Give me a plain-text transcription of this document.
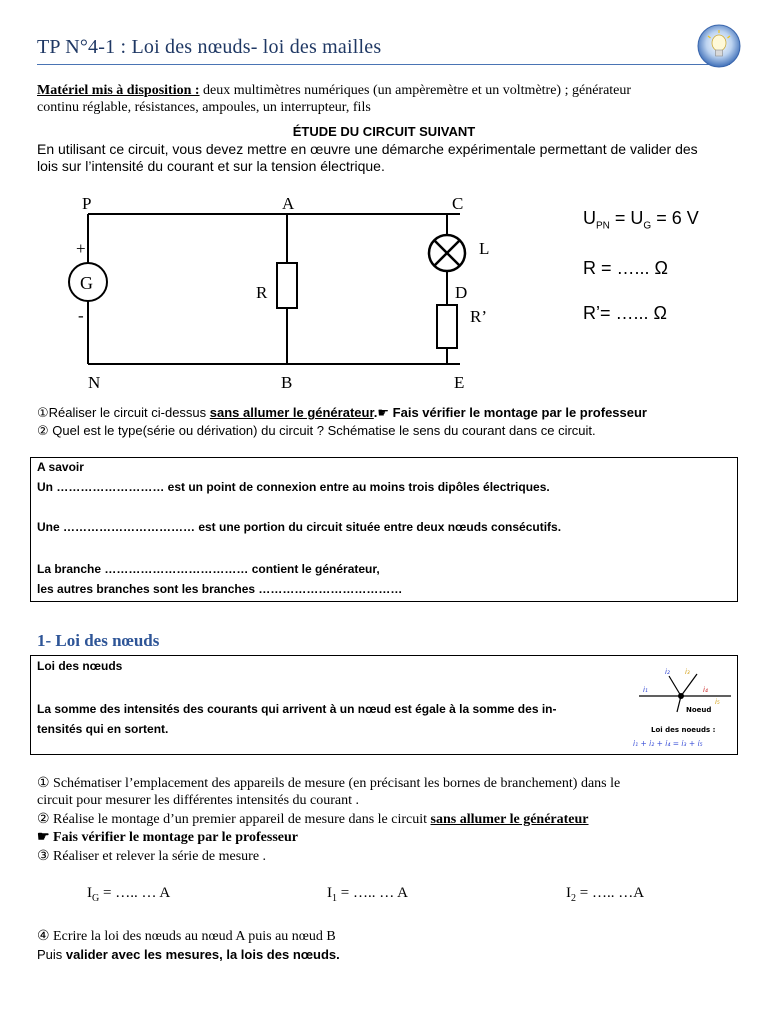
TP N°4-1 : Loi des nœuds- loi des mailles
Matériel mis à disposition : deux multimètres numériques (un ampèremètre et un voltmètre) ; générateur
continu réglable, résistances, ampoules, un interrupteur, fils
ÉTUDE DU CIRCUIT SUIVANT
En utilisant ce circuit, vous devez mettre en œuvre une démarche expérimentale permettant de valider des
lois sur l’intensité du courant et sur la tension électrique.
P	A	C
N	B	E
L
D
R
R’
G
+
-
$U_{PN} = U_G = 6$ V
R = …... Ω
R’= …... Ω
①Réaliser le circuit ci-dessus sans allumer le générateur.☛ Fais vérifier le montage par le professeur
② Quel est le type(série ou dérivation) du circuit ? Schématise le sens du courant dans ce circuit.
A savoir
Un ……………………… est un point de connexion entre au moins trois dipôles électriques.
Une …………………………… est une portion du circuit située entre deux nœuds consécutifs.
La branche ……………………………… contient le générateur,
les autres branches sont les branches ………………………………
1- Loi des nœuds
Loi des nœuds
La somme des intensités des courants qui arrivent à un nœud est égale à la somme des in-
tensités qui en sortent.
i₁
i₂ i₃
i₄
i₅
Noeud
Loi des noeuds :
i₁ + i₂ + i₄ = i₃ + i₅
① Schématiser l’emplacement des appareils de mesure (en précisant les bornes de branchement) dans le
circuit pour mesurer les différentes intensités du courant .
② Réalise le montage d’un premier appareil de mesure dans le circuit sans allumer le générateur
☛ Fais vérifier le montage par le professeur
③ Réaliser et relever la série de mesure .
$I_G$ = ….. … A	$I_1$ = ….. … A	$I_2$ = ….. …A
④ Ecrire la loi des nœuds au nœud A puis au nœud B
Puis valider avec les mesures, la lois des nœuds.
